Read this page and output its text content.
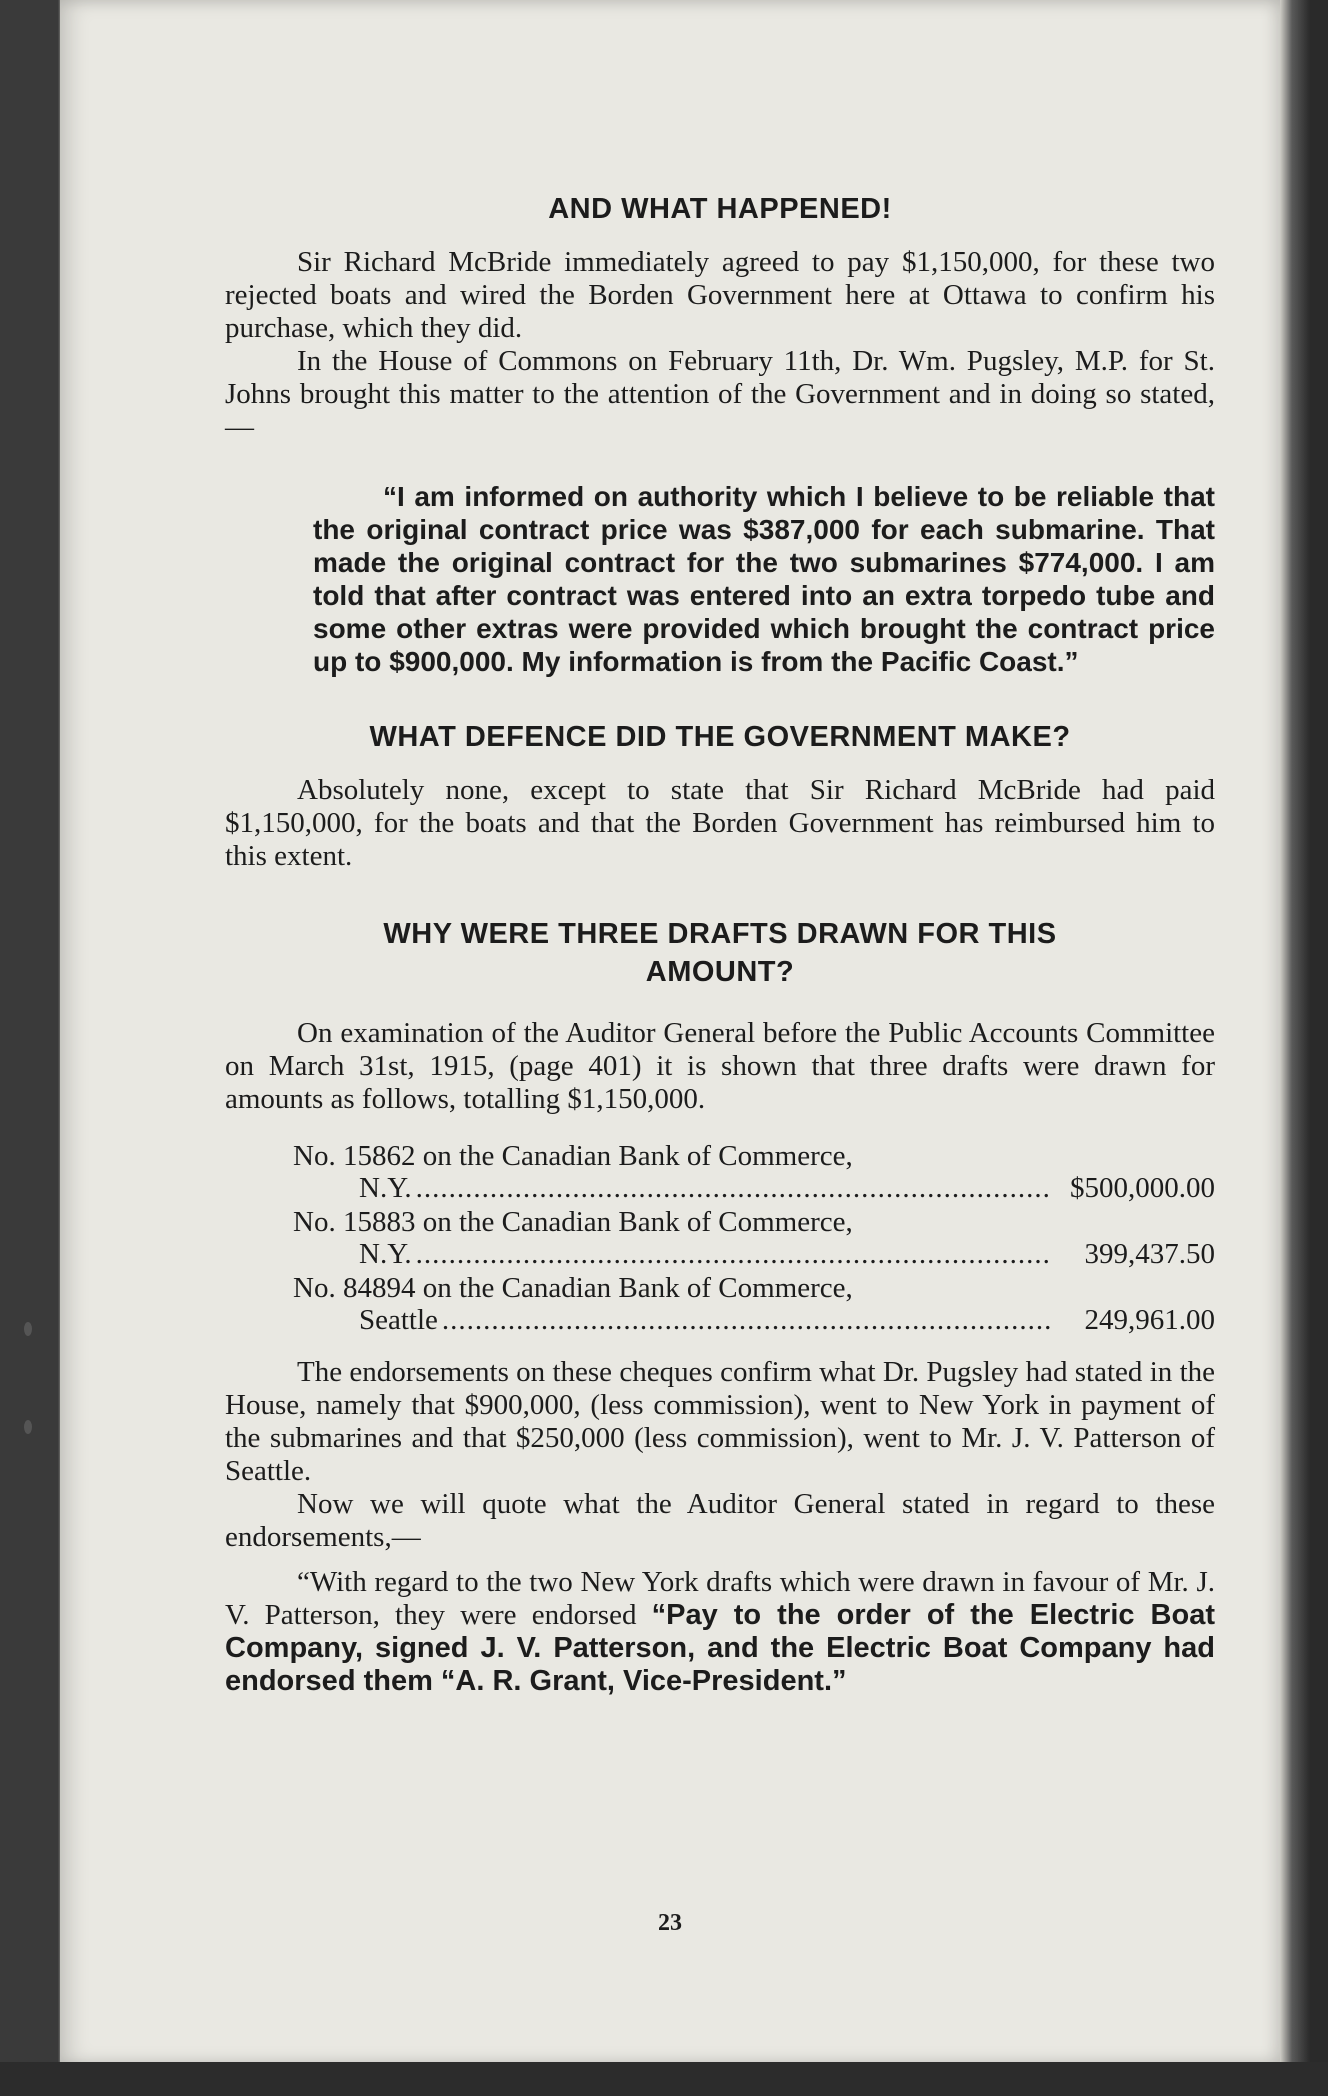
AND WHAT HAPPENED!

Sir Richard McBride immediately agreed to pay $1,150,000, for these two rejected boats and wired the Borden Government here at Ottawa to confirm his purchase, which they did.

In the House of Commons on February 11th, Dr. Wm. Pugsley, M.P. for St. Johns brought this matter to the attention of the Government and in doing so stated,—

“I am informed on authority which I believe to be reliable that the original contract price was $387,000 for each submarine. That made the original contract for the two submarines $774,000. I am told that after contract was entered into an extra torpedo tube and some other extras were provided which brought the contract price up to $900,000. My information is from the Pacific Coast.”

WHAT DEFENCE DID THE GOVERNMENT MAKE?

Absolutely none, except to state that Sir Richard McBride had paid $1,150,000, for the boats and that the Borden Government has reimbursed him to this extent.

WHY WERE THREE DRAFTS DRAWN FOR THIS
AMOUNT?

On examination of the Auditor General before the Public Accounts Committee on March 31st, 1915, (page 401) it is shown that three drafts were drawn for amounts as follows, totalling $1,150,000.

No. 15862 on the Canadian Bank of Commerce,
N.Y. .....	$500,000.00
No. 15883 on the Canadian Bank of Commerce,
N.Y. .....	399,437.50
No. 84894 on the Canadian Bank of Commerce,
Seattle .....	249,961.00

The endorsements on these cheques confirm what Dr. Pugsley had stated in the House, namely that $900,000, (less commission), went to New York in payment of the submarines and that $250,000 (less commission), went to Mr. J. V. Patterson of Seattle.

Now we will quote what the Auditor General stated in regard to these endorsements,—

“With regard to the two New York drafts which were drawn in favour of Mr. J. V. Patterson, they were endorsed “Pay to the order of the Electric Boat Company, signed J. V. Patterson, and the Electric Boat Company had endorsed them “A. R. Grant, Vice-President.”

23
